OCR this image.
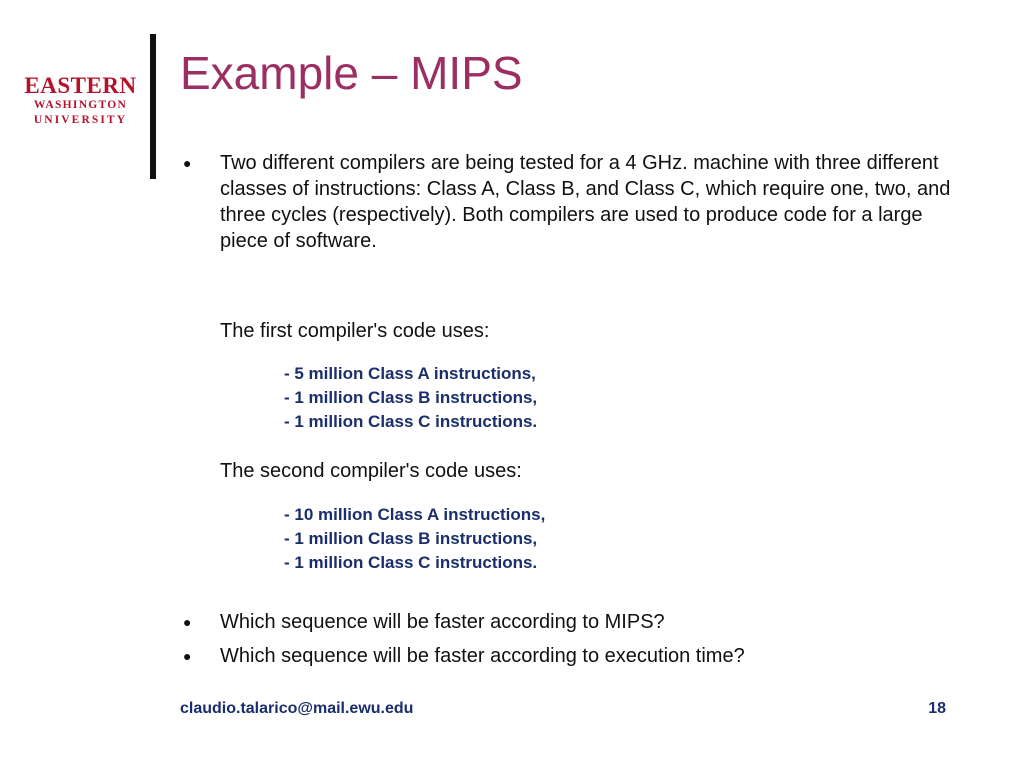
EASTERN
WASHINGTON
UNIVERSITY
Example – MIPS
●	Two different compilers are being tested for a 4 GHz. machine with three different classes of instructions: Class A, Class B, and Class C, which require one, two, and three cycles (respectively). Both compilers are used to produce code for a large piece of software.
The first compiler's code uses:
- 5 million Class A instructions,
- 1 million Class B instructions,
- 1 million Class C instructions.
The second compiler's code uses:
- 10 million Class A instructions,
- 1 million Class B instructions,
- 1 million Class C instructions.
●	Which sequence will be faster according to MIPS?
●	Which sequence will be faster according to execution time?
claudio.talarico@mail.ewu.edu	18
